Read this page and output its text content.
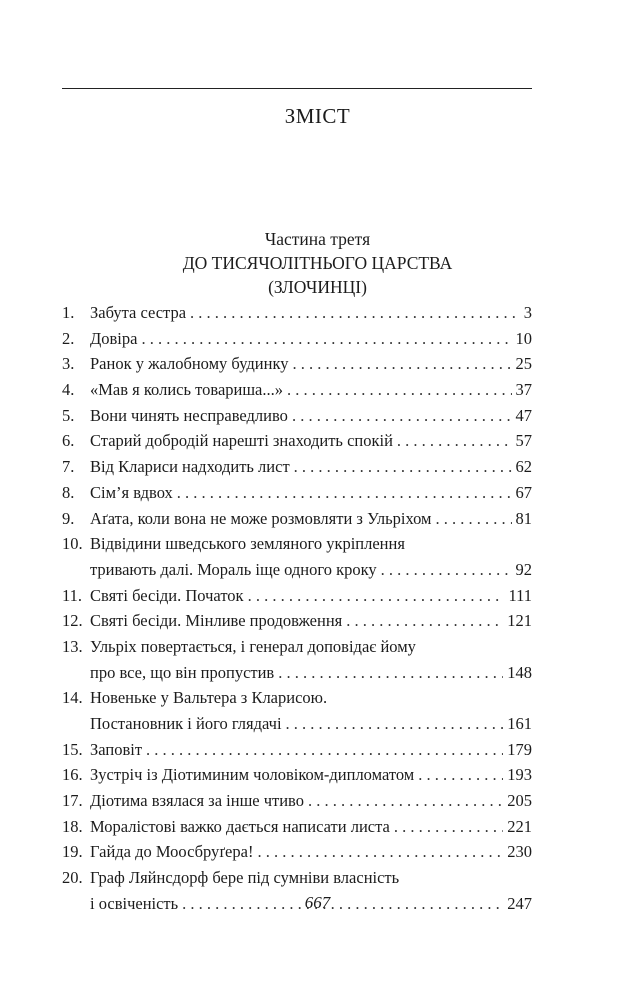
ЗМІСТ
Частина третя
ДО ТИСЯЧОЛІТНЬОГО ЦАРСТВА
(ЗЛОЧИНЦІ)
1. Забута сестра . . .	3
2. Довіра . . .	10
3. Ранок у жалобному будинку . . .	25
4. «Мав я колись товариша...» . . .	37
5. Вони чинять несправедливо . . .	47
6. Старий добродій нарешті знаходить спокій . . .	57
7. Від Клариси надходить лист . . .	62
8. Сім’я вдвох . . .	67
9. Аґата, коли вона не може розмовляти з Ульріхом . . .	81
10. Відвідини шведського земляного укріплення
тривають далі. Мораль іще одного кроку . . .	92
11. Святі бесіди. Початок . . .	111
12. Святі бесіди. Мінливе продовження . . .	121
13. Ульріх повертається, і генерал доповідає йому
про все, що він пропустив . . .	148
14. Новеньке у Вальтера з Кларисою.
Постановник і його глядачі . . .	161
15. Заповіт . . .	179
16. Зустріч із Діотиминим чоловіком-дипломатом . . .	193
17. Діотима взялася за інше чтиво . . .	205
18. Моралістові важко дається написати листа . . .	221
19. Гайда до Моосбруґера! . . .	230
20. Граф Ляйнсдорф бере під сумніви власність
і освіченість . . .	247
667
